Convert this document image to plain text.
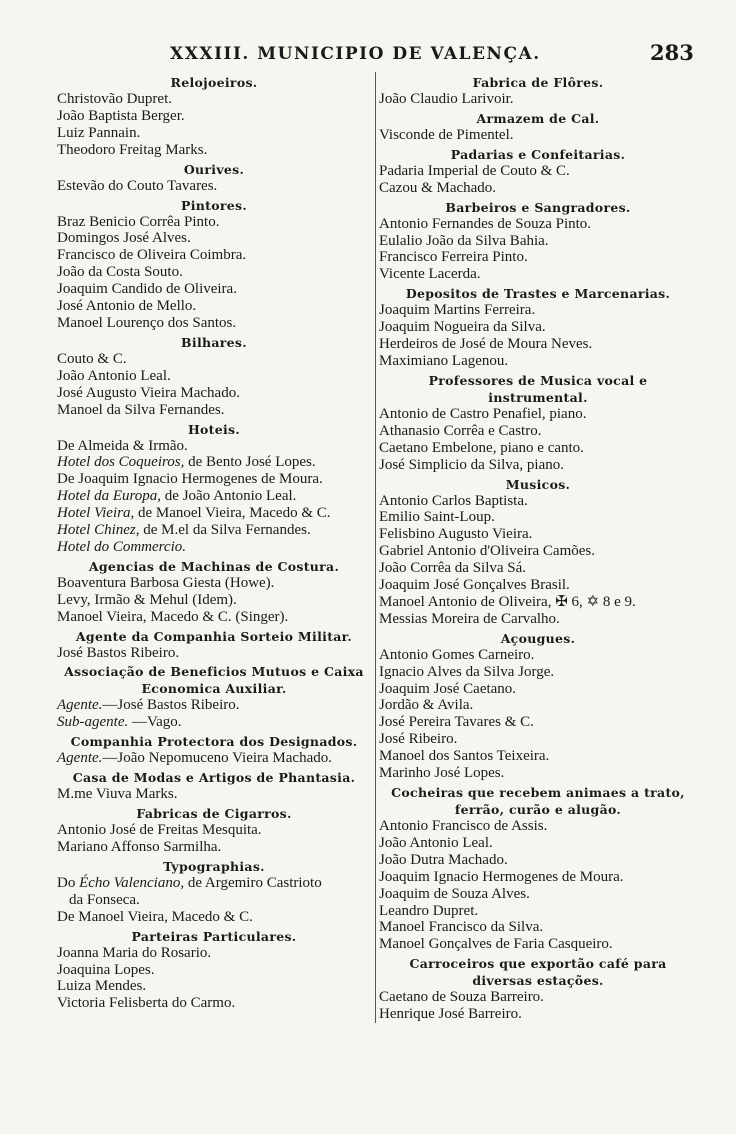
XXXIII. MUNICIPIO DE VALENÇA.	283
Relojoeiros.
Christovão Dupret.
João Baptista Berger.
Luiz Pannain.
Theodoro Freitag Marks.
Ourives.
Estevão do Couto Tavares.
Pintores.
Braz Benicio Corrêa Pinto.
Domingos José Alves.
Francisco de Oliveira Coimbra.
João da Costa Souto.
Joaquim Candido de Oliveira.
José Antonio de Mello.
Manoel Lourenço dos Santos.
Bilhares.
Couto & C.
João Antonio Leal.
José Augusto Vieira Machado.
Manoel da Silva Fernandes.
Hoteis.
De Almeida & Irmão.
Hotel dos Coqueiros, de Bento José Lopes.
De Joaquim Ignacio Hermogenes de Moura.
Hotel da Europa, de João Antonio Leal.
Hotel Vieira, de Manoel Vieira, Macedo & C.
Hotel Chinez, de M.el da Silva Fernandes.
Hotel do Commercio.
Agencias de Machinas de Costura.
Boaventura Barbosa Giesta (Howe).
Levy, Irmão & Mehul (Idem).
Manoel Vieira, Macedo & C. (Singer).
Agente da Companhia Sorteio Militar.
José Bastos Ribeiro.
Associação de Beneficios Mutuos e Caixa Economica Auxiliar.
Agente.—José Bastos Ribeiro.
Sub-agente. —Vago.
Companhia Protectora dos Designados.
Agente.—João Nepomuceno Vieira Machado.
Casa de Modas e Artigos de Phantasia.
M.me Viuva Marks.
Fabricas de Cigarros.
Antonio José de Freitas Mesquita.
Mariano Affonso Sarmilha.
Typographias.
Do Écho Valenciano, de Argemiro Castrioto
da Fonseca.
De Manoel Vieira, Macedo & C.
Parteiras Particulares.
Joanna Maria do Rosario.
Joaquina Lopes.
Luiza Mendes.
Victoria Felisberta do Carmo.
Fabrica de Flôres.
João Claudio Larivoir.
Armazem de Cal.
Visconde de Pimentel.
Padarias e Confeitarias.
Padaria Imperial de Couto & C.
Cazou & Machado.
Barbeiros e Sangradores.
Antonio Fernandes de Souza Pinto.
Eulalio João da Silva Bahia.
Francisco Ferreira Pinto.
Vicente Lacerda.
Depositos de Trastes e Marcenarias.
Joaquim Martins Ferreira.
Joaquim Nogueira da Silva.
Herdeiros de José de Moura Neves.
Maximiano Lagenou.
Professores de Musica vocal e instrumental.
Antonio de Castro Penafiel, piano.
Athanasio Corrêa e Castro.
Caetano Embelone, piano e canto.
José Simplicio da Silva, piano.
Musicos.
Antonio Carlos Baptista.
Emilio Saint-Loup.
Felisbino Augusto Vieira.
Gabriel Antonio d'Oliveira Camões.
João Corrêa da Silva Sá.
Joaquim José Gonçalves Brasil.
Manoel Antonio de Oliveira, ✠ 6, ✡ 8 e 9.
Messias Moreira de Carvalho.
Açougues.
Antonio Gomes Carneiro.
Ignacio Alves da Silva Jorge.
Joaquim José Caetano.
Jordão & Avila.
José Pereira Tavares & C.
José Ribeiro.
Manoel dos Santos Teixeira.
Marinho José Lopes.
Cocheiras que recebem animaes a trato, ferrão, curão e alugão.
Antonio Francisco de Assis.
João Antonio Leal.
João Dutra Machado.
Joaquim Ignacio Hermogenes de Moura.
Joaquim de Souza Alves.
Leandro Dupret.
Manoel Francisco da Silva.
Manoel Gonçalves de Faria Casqueiro.
Carroceiros que exportão café para diversas estações.
Caetano de Souza Barreiro.
Henrique José Barreiro.
